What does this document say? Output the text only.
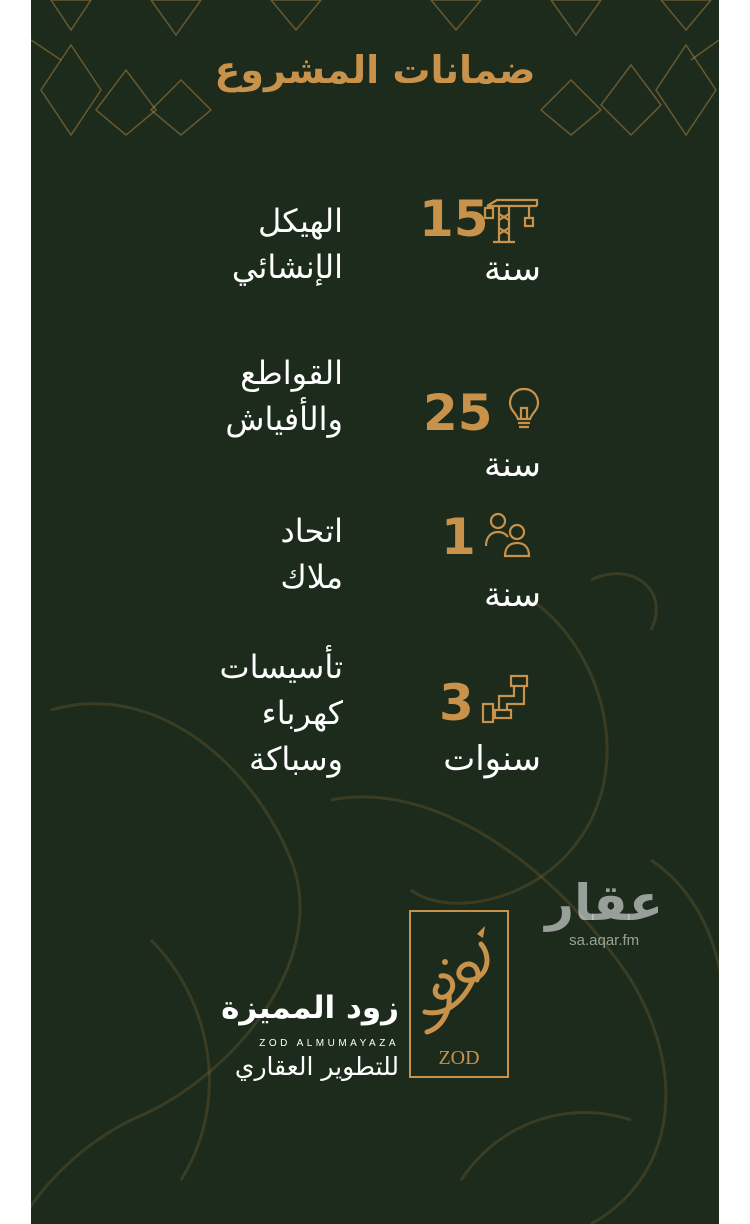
ضمانات المشروع
15
سنة
الهيكل
الإنشائي
القواطع
والأفياش 25
سنة
اتحاد
ملاك
1
سنة
تأسيسات
كهرباء
وسباكة
3
سنوات
عقار
sa.aqar.fm
ZOD
زود المميزة
ZOD ALMUMAYAZA
للتطوير العقاري
